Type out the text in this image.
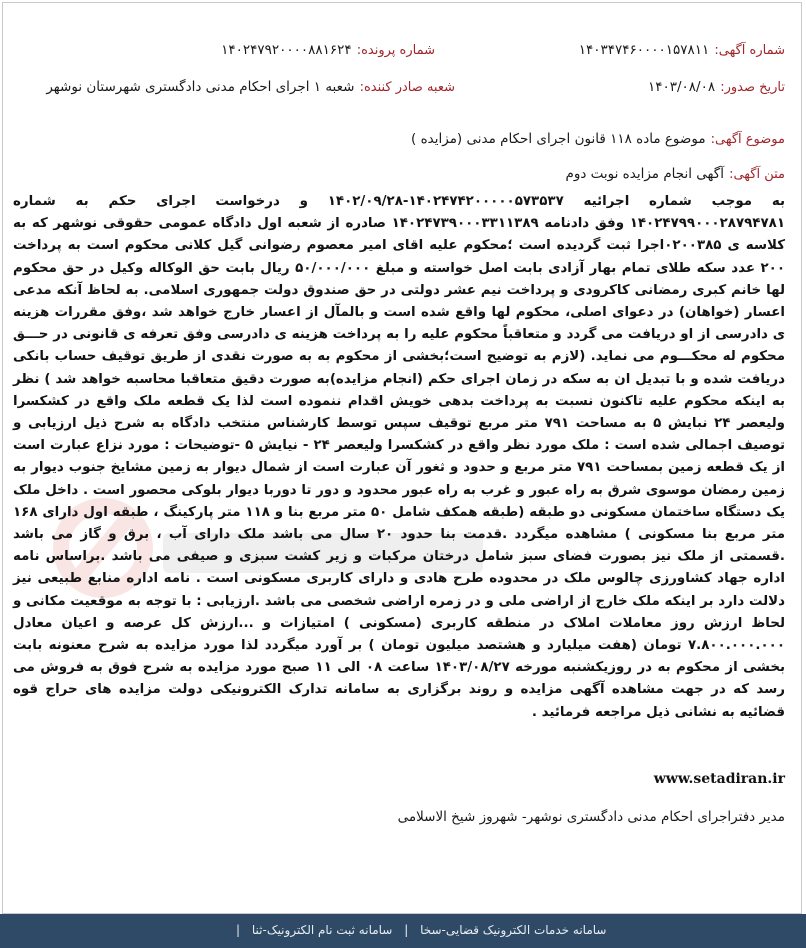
شماره آگهی: ۱۴۰۳۴۷۴۶۰۰۰۰۱۵۷۸۱۱
شماره پرونده: ۱۴۰۲۴۷۹۲۰۰۰۰۸۸۱۶۲۴
تاریخ صدور: ۱۴۰۳/۰۸/۰۸
شعبه صادر کننده: شعبه ۱ اجرای احکام مدنی دادگستری شهرستان نوشهر
موضوع آگهی: موضوع ماده ۱۱۸ قانون اجرای احکام مدنی (مزایده )
متن آگهی: آگهی انجام مزایده نوبت دوم
به موجب شماره اجرائیه ۱۴۰۲۴۷۴۲۰۰۰۰۰۵۷۳۵۳۷-۱۴۰۲/۰۹/۲۸ و درخواست اجرای حکم به شماره ۱۴۰۲۴۷۹۹۰۰۰۲۸۷۹۴۷۸۱ وفق دادنامه ۱۴۰۲۴۷۳۹۰۰۰۳۳۱۱۳۸۹ صادره از شعبه اول دادگاه عمومی حقوقی نوشهر که به کلاسه ی ۰۲۰۰۳۸۵اجرا ثبت گردیده است ؛محکوم علیه اقای امیر معصوم رضوانی گیل کلانی محکوم است به پرداخت ۲۰۰ عدد سکه طلای تمام بهار آزادی بابت اصل خواسته و مبلغ ۵۰/۰۰۰/۰۰۰ ریال بابت حق الوکاله وکیل در حق محکوم لها خانم کبری رمضانی کاکرودی و پرداخت نیم عشر دولتی در حق صندوق دولت جمهوری اسلامی. به لحاظ آنکه مدعی اعسار (خواهان) در دعوای اصلی، محکوم لها واقع شده است و بالمآل از اعسار خارج خواهد شد ،وفق مقررات هزینه ی دادرسی از او دریافت می گردد و متعاقباً محکوم علیه را به پرداخت هزینه ی دادرسی وفق تعرفه ی قانونی در حـــق محکوم له محکـــوم می نماید. (لازم به توضیح است؛بخشی از محکوم به به صورت نقدی از طریق توقیف حساب بانکی دریافت شده و با تبدیل ان به سکه در زمان اجرای حکم (انجام مزایده)به صورت دقیق متعاقبا محاسبه خواهد شد ) نظر به اینکه محکوم علیه تاکنون نسبت به پرداخت بدهی خویش اقدام ننموده است لذا یک قطعه ملک واقع در کشکسرا ولیعصر ۲۴ نبایش ۵ به مساحت ۷۹۱ متر مربع توقیف سپس توسط کارشناس منتخب دادگاه به شرح ذیل ارزیابی و توصیف اجمالی شده است : ملک مورد نظر واقع در کشکسرا ولیعصر ۲۴ - نیایش ۵ -توضیحات : مورد نزاع عبارت است از یک قطعه زمین بمساحت ۷۹۱ متر مربع و حدود و ثغور آن عبارت است از شمال دیوار به زمین مشایخ جنوب دیوار به زمین رمضان موسوی شرق به راه عبور و غرب به راه عبور محدود و دور تا دوربا دیوار بلوکی محصور است . داخل ملک یک دستگاه ساختمان مسکونی دو طبقه (طبقه همکف شامل ۵۰ متر مربع بنا و ۱۱۸ متر پارکینگ ، طبقه اول دارای ۱۶۸ متر مربع بنا مسکونی ) مشاهده میگردد .قدمت بنا حدود ۲۰ سال می باشد ملک دارای آب ، برق و گاز می باشد .قسمتی از ملک نیز بصورت فضای سبز شامل درختان مرکبات و زیر کشت سبزی و صیفی می باشد .براساس نامه اداره جهاد کشاورزی چالوس ملک در محدوده طرح هادی و دارای کاربری مسکونی است . نامه اداره منابع طبیعی نیز دلالت دارد بر اینکه ملک خارج از اراضی ملی و در زمره اراضی شخصی می باشد .ارزیابی : با توجه به موقعیت مکانی و لحاظ ارزش روز معاملات املاک در منطقه کاربری (مسکونی ) امتیازات و ...ارزش کل عرصه و اعیان معادل ۷.۸۰۰.۰۰۰.۰۰۰ تومان (هفت میلیارد و هشتصد میلیون تومان ) بر آورد میگردد لذا مورد مزایده به شرح معنونه بابت بخشی از محکوم به در روزیکشنبه مورخه ۱۴۰۳/۰۸/۲۷ ساعت ۰۸ الی ۱۱ صبح مورد مزایده به شرح فوق به فروش می رسد که در جهت مشاهده آگهی مزایده و روند برگزاری به سامانه تدارک الکترونیکی دولت مزایده های حراج قوه قضائیه به نشانی ذیل مراجعه فرمائید .
www.setadiran.ir
مدیر دفتراجرای احکام مدنی دادگستری نوشهر- شهروز شیخ الاسلامی
سامانه خدمات الکترونیک قضایی-سخا | سامانه ثبت نام الکترونیک-ثنا |
